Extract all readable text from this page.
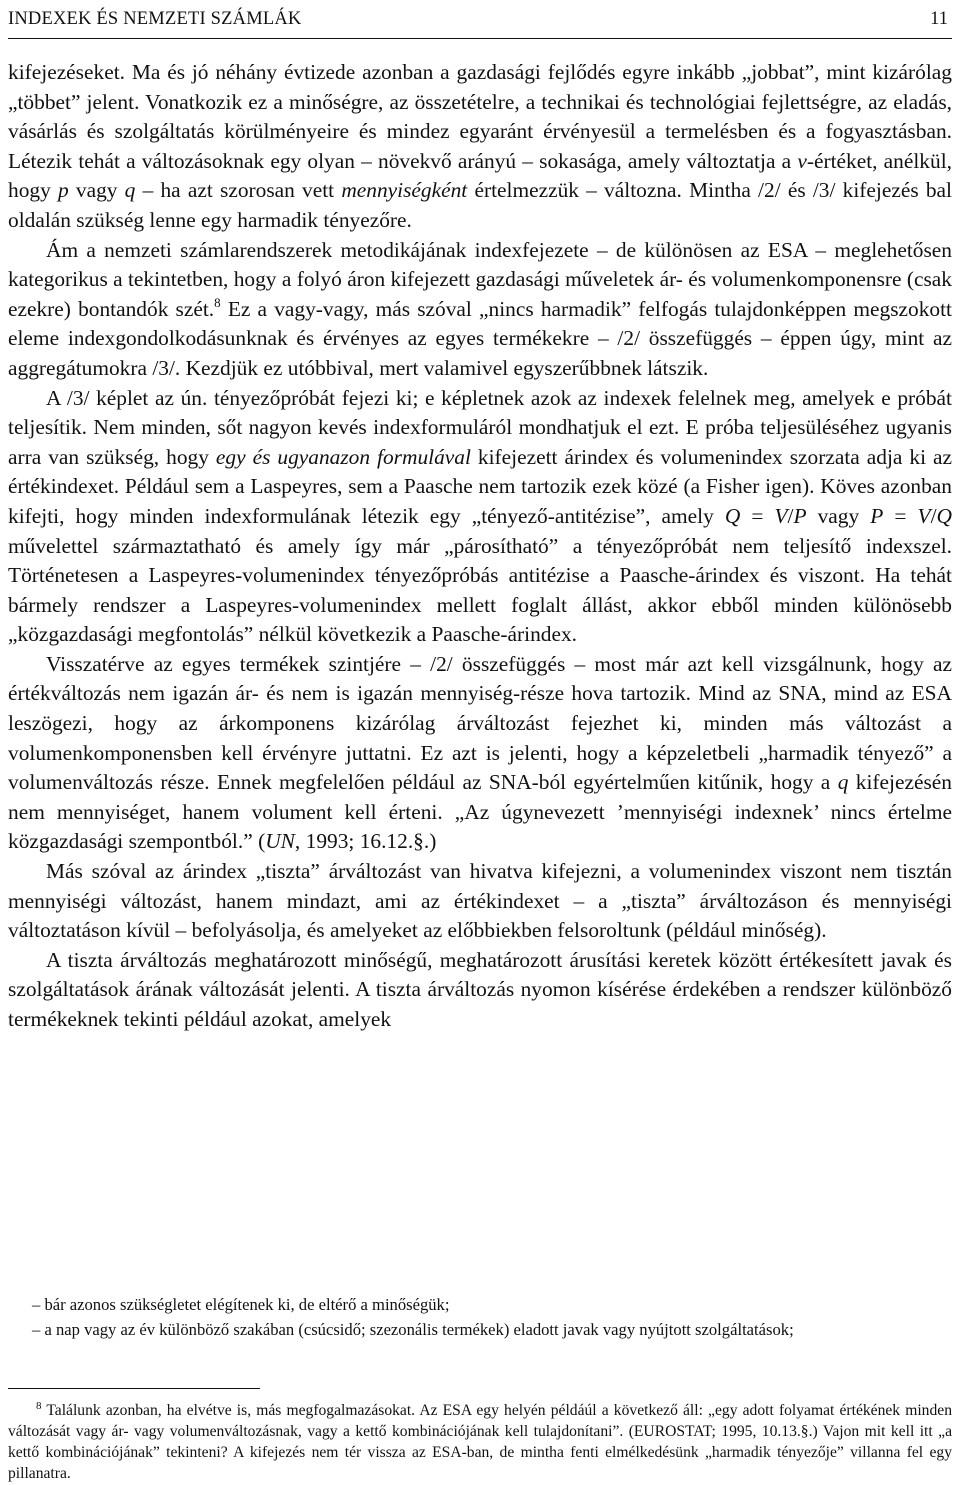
INDEXEK ÉS NEMZETI SZÁMLÁK	11

kifejezéseket. Ma és jó néhány évtizede azonban a gazdasági fejlődés egyre inkább „jobbat”, mint kizárólag „többet” jelent. Vonatkozik ez a minőségre, az összetételre, a technikai és technológiai fejlettségre, az eladás, vásárlás és szolgáltatás körülményeire és mindez egyaránt érvényesül a termelésben és a fogyasztásban. Létezik tehát a változásoknak egy olyan – növekvő arányú – sokasága, amely változtatja a v-értéket, anélkül, hogy p vagy q – ha azt szorosan vett mennyiségként értelmezzük – változna. Mintha /2/ és /3/ kifejezés bal oldalán szükség lenne egy harmadik tényezőre.

Ám a nemzeti számlarendszerek metodikájának indexfejezete – de különösen az ESA – meglehetősen kategorikus a tekintetben, hogy a folyó áron kifejezett gazdasági műveletek ár- és volumenkomponensre (csak ezekre) bontandók szét.$^8$ Ez a vagy-vagy, más szóval „nincs harmadik” felfogás tulajdonképpen megszokott eleme indexgondolkodásunknak és érvényes az egyes termékekre – /2/ összefüggés – éppen úgy, mint az aggregátumokra /3/. Kezdjük ez utóbbival, mert valamivel egyszerűbbnek látszik.

A /3/ képlet az ún. tényezőpróbát fejezi ki; e képletnek azok az indexek felelnek meg, amelyek e próbát teljesítik. Nem minden, sőt nagyon kevés indexformuláról mondhatjuk el ezt. E próba teljesüléséhez ugyanis arra van szükség, hogy egy és ugyanazon formulával kifejezett árindex és volumenindex szorzata adja ki az értékindexet. Például sem a Laspeyres, sem a Paasche nem tartozik ezek közé (a Fisher igen). Köves azonban kifejti, hogy minden indexformulának létezik egy „tényező-antitézise”, amely Q = V/P vagy P = V/Q művelettel származtatható és amely így már „párosítható” a tényezőpróbát nem teljesítő indexszel. Történetesen a Laspeyres-volumenindex tényezőpróbás antitézise a Paasche-árindex és viszont. Ha tehát bármely rendszer a Laspeyres-volumenindex mellett foglalt állást, akkor ebből minden különösebb „közgazdasági megfontolás” nélkül következik a Paasche-árindex.

Visszatérve az egyes termékek szintjére – /2/ összefüggés – most már azt kell vizsgálnunk, hogy az értékváltozás nem igazán ár- és nem is igazán mennyiség-része hova tartozik. Mind az SNA, mind az ESA leszögezi, hogy az árkomponens kizárólag árváltozást fejezhet ki, minden más változást a volumenkomponensben kell érvényre juttatni. Ez azt is jelenti, hogy a képzeletbeli „harmadik tényező” a volumenváltozás része. Ennek megfelelően például az SNA-ból egyértelműen kitűnik, hogy a q kifejezésén nem mennyiséget, hanem volument kell érteni. „Az úgynevezett ’mennyiségi indexnek’ nincs értelme közgazdasági szempontból.” (UN, 1993; 16.12.§.)

Más szóval az árindex „tiszta” árváltozást van hivatva kifejezni, a volumenindex viszont nem tisztán mennyiségi változást, hanem mindazt, ami az értékindexet – a „tiszta” árváltozáson és mennyiségi változtatáson kívül – befolyásolja, és amelyeket az előbbiekben felsoroltunk (például minőség).

A tiszta árváltozás meghatározott minőségű, meghatározott árusítási keretek között értékesített javak és szolgáltatások árának változását jelenti. A tiszta árváltozás nyomon kísérése érdekében a rendszer különböző termékeknek tekinti például azokat, amelyek

– bár azonos szükségletet elégítenek ki, de eltérő a minőségük;

– a nap vagy az év különböző szakában (csúcsidő; szezonális termékek) eladott javak vagy nyújtott szolgáltatások;

$^8$ Találunk azonban, ha elvétve is, más megfogalmazásokat. Az ESA egy helyén példáúl a következő áll: „egy adott folyamat értékének minden változását vagy ár- vagy volumenváltozásnak, vagy a kettő kombinációjának kell tulajdonítani”. (EUROSTAT; 1995, 10.13.§.) Vajon mit kell itt „a kettő kombinációjának” tekinteni? A kifejezés nem tér vissza az ESA-ban, de mintha fenti elmélkedésünk „harmadik tényezője” villanna fel egy pillanatra.
